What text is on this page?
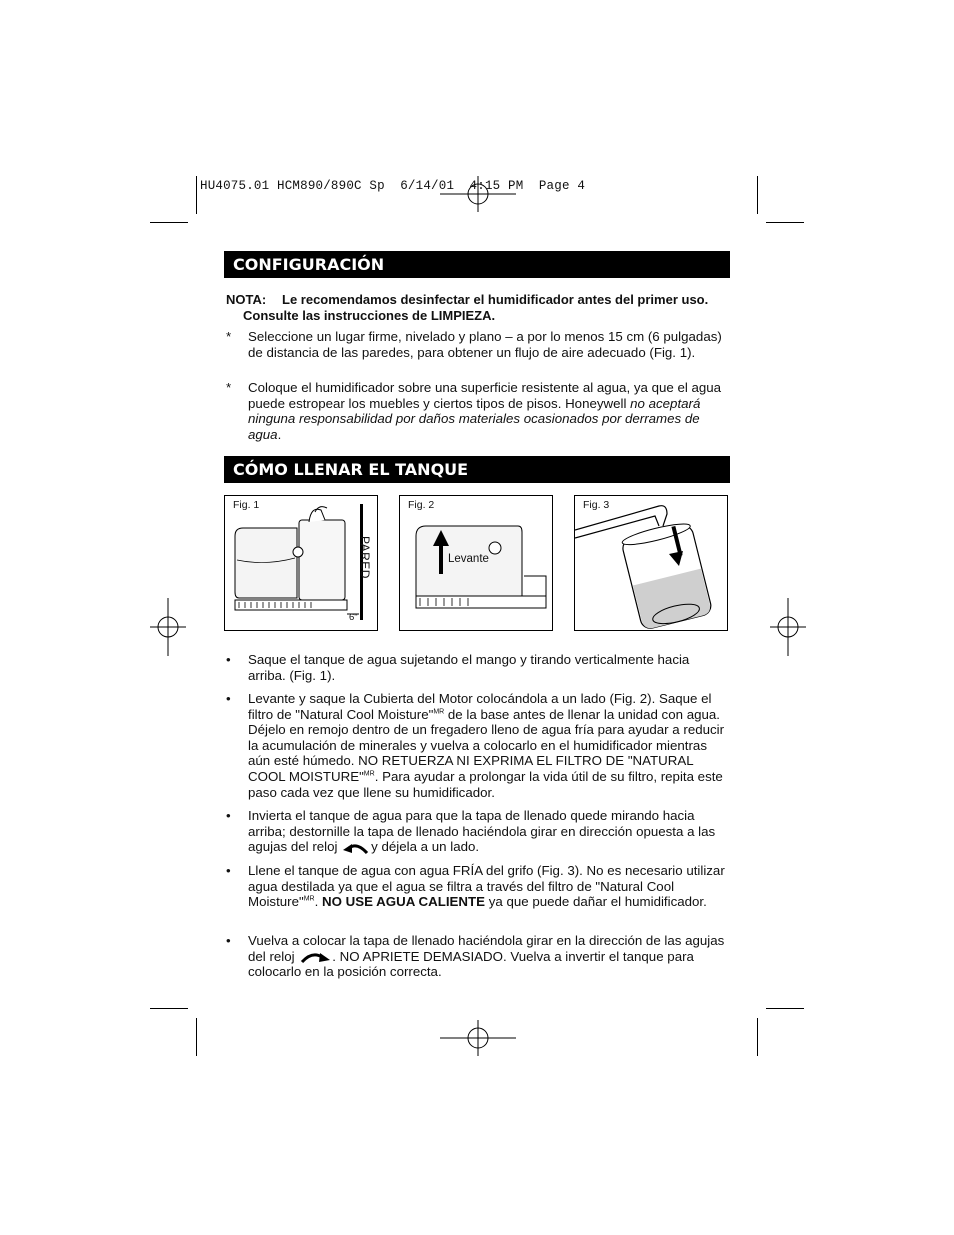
HU4075.01 HCM890/890C Sp  6/14/01  4:15 PM  Page 4
CONFIGURACIÓN
NOTA: Le recomendamos desinfectar el humidificador antes del primer uso.
Consulte las instrucciones de LIMPIEZA.
*	Seleccione un lugar firme, nivelado y plano – a por lo menos 15 cm (6 pulgadas) de distancia de las paredes, para obtener un flujo de aire adecuado (Fig. 1).
*	Coloque el humidificador sobre una superficie resistente al agua, ya que el agua puede estropear los muebles y ciertos tipos de pisos. Honeywell no aceptará ninguna responsabilidad por daños materiales ocasionados por derrames de agua.
CÓMO LLENAR EL TANQUE
Fig. 1
PARED
6"
Fig. 2
Levante
Fig. 3
•	Saque el tanque de agua sujetando el mango y tirando verticalmente hacia arriba. (Fig. 1).
•	Levante y saque la Cubierta del Motor colocándola a un lado (Fig. 2). Saque el filtro de "Natural Cool Moisture"$^{MR}$ de la base antes de llenar la unidad con agua. Déjelo en remojo dentro de un fregadero lleno de agua fría para ayudar a reducir la acumulación de minerales y vuelva a colocarlo en el humidificador mientras aún esté húmedo. NO RETUERZA NI EXPRIMA EL FILTRO DE "NATURAL COOL MOISTURE"$^{MR}$. Para ayudar a prolongar la vida útil de su filtro, repita este paso cada vez que llene su humidificador.
•	Invierta el tanque de agua para que la tapa de llenado quede mirando hacia arriba; destornille la tapa de llenado haciéndola girar en dirección opuesta a las agujas del reloj	y déjela a un lado.
•	Llene el tanque de agua con agua FRÍA del grifo (Fig. 3). No es necesario utilizar agua destilada ya que el agua se filtra a través del filtro de "Natural Cool Moisture"$^{MR}$. NO USE AGUA CALIENTE ya que puede dañar el humidificador.
•	Vuelva a colocar la tapa de llenado haciéndola girar en la dirección de las agujas del reloj	. NO APRIETE DEMASIADO. Vuelva a invertir el tanque para colocarlo en la posición correcta.
